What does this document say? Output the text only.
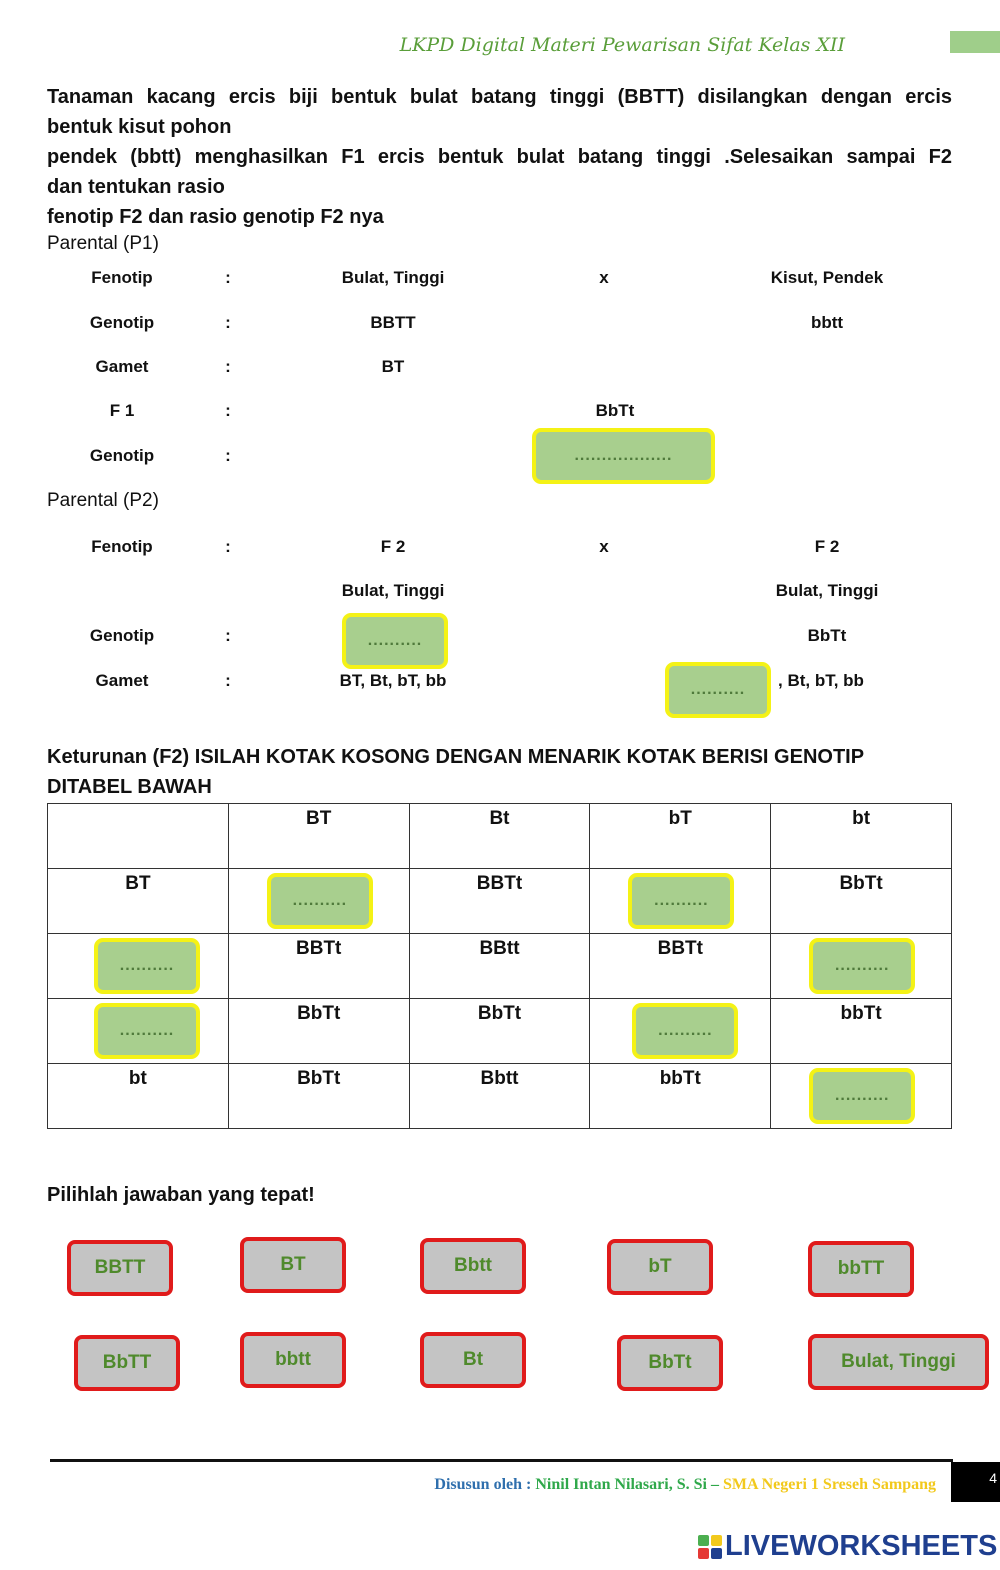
LKPD Digital Materi Pewarisan Sifat Kelas XII
Tanaman kacang ercis biji bentuk bulat batang tinggi (BBTT) disilangkan dengan ercis
bentuk kisut pohon
pendek (bbtt) menghasilkan F1 ercis bentuk bulat batang tinggi .Selesaikan sampai F2
dan tentukan rasio
fenotip F2 dan rasio genotip F2 nya
Parental (P1)
Fenotip	:	Bulat, Tinggi	x	Kisut, Pendek
Genotip	:	BBTT	bbtt
Gamet	:	BT
F 1	:	BbTt
Genotip	:	..................
Parental (P2)
Fenotip	:	F 2	x	F 2
Bulat, Tinggi	Bulat, Tinggi
Genotip	:	..........	BbTt
Gamet	:	BT, Bt, bT, bb	..........	, Bt, bT, bb
Keturunan (F2) ISILAH KOTAK KOSONG DENGAN MENARIK KOTAK BERISI GENOTIP
DITABEL BAWAH
	BT	Bt	bT	bt
BT	..........	BBTt	..........	BbTt

..........	BBTt	BBtt	BBTt	..........

..........	BbTt	BbTt	..........	bbTt
bt	BbTt	Bbtt	bbTt	..........
Pilihlah jawaban yang tepat!
BBTT	BT	Bbtt	bT	bbTT
BbTT	bbtt	Bt	BbTt	Bulat, Tinggi
Disusun oleh : Ninil Intan Nilasari, S. Si – SMA Negeri 1 Sreseh Sampang	4
LIVEWORKSHEETS
